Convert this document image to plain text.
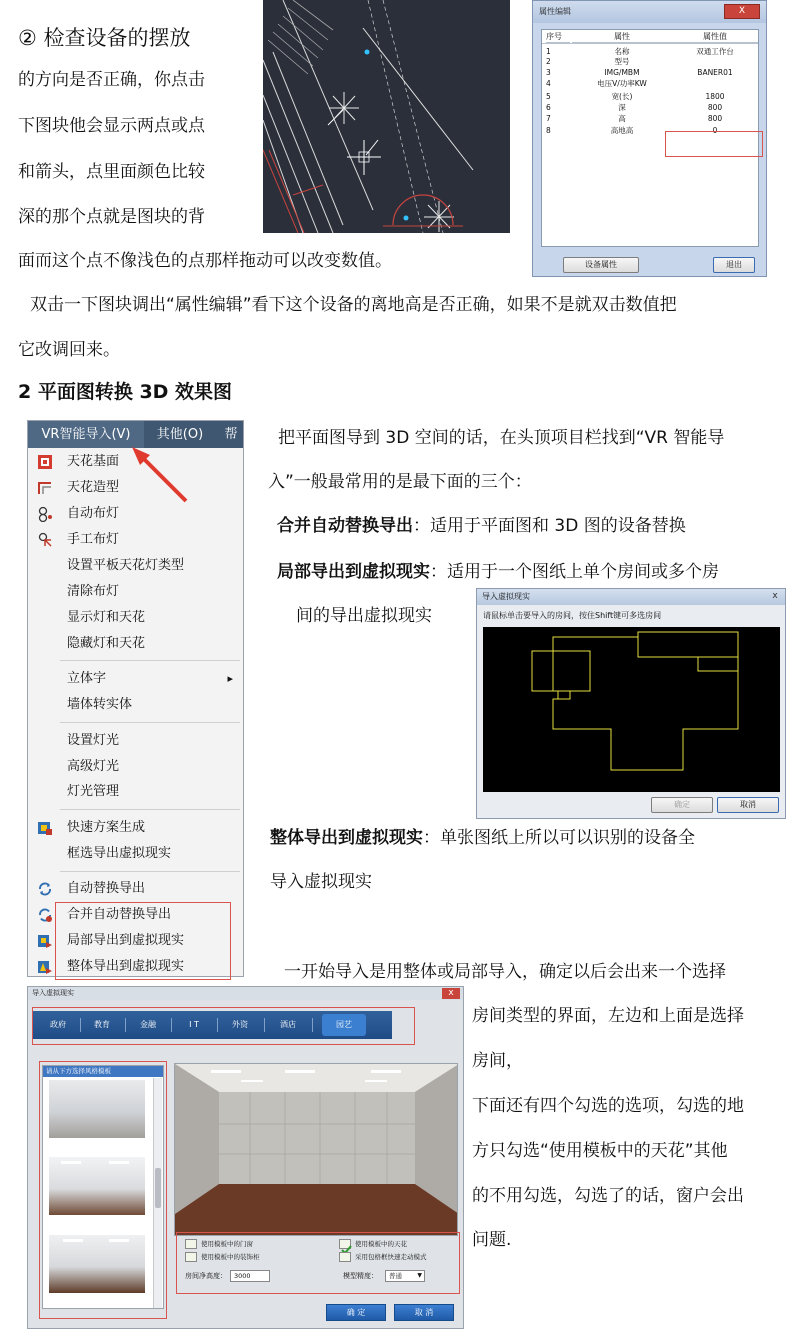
② 检查设备的摆放
的方向是否正确，你点击
下图块他会显示两点或点
和箭头，点里面颜色比较
深的那个点就是图块的背
面而这个点不像浅色的点那样拖动可以改变数值。
双击一下图块调出“属性编辑”看下这个设备的离地高是否正确，如果不是就双击数值把
它改调回来。
属性编辑	X
序号	属性	属性值
1	名称	双通工作台
2	型号
3	IMG/MBM	BANER01
4	电压V/功率KW
5	宽(长)	1800
6	深	800
7	高	800
8	高地高	0
设备属性	退出
2 平面图转换 3D 效果图
把平面图导到 3D 空间的话，在头顶项目栏找到“VR 智能导
入”一般最常用的是最下面的三个：
合并自动替换导出：适用于平面图和 3D 图的设备替换
局部导出到虚拟现实：适用于一个图纸上单个房间或多个房
间的导出虚拟现实
整体导出到虚拟现实：单张图纸上所以可以识别的设备全
导入虚拟现实
一开始导入是用整体或局部导入，确定以后会出来一个选择
房间类型的界面，左边和上面是选择
房间，
下面还有四个勾选的选项，勾选的地
方只勾选“使用模板中的天花”其他
的不用勾选，勾选了的话，窗户会出
问题.
VR智能导入(V)	其他(O)	帮
天花基面
天花造型
自动布灯
手工布灯
设置平板天花灯类型
清除布灯
显示灯和天花
隐藏灯和天花
立体字	▸
墙体转实体
设置灯光
高级灯光
灯光管理
快速方案生成
框选导出虚拟现实
自动替换导出
合并自动替换导出
局部导出到虚拟现实
整体导出到虚拟现实
导入虚拟现实	x
请鼠标单击要导入的房间，按住Shift键可多选房间
确定	取消
导入虚拟现实	x
政府	教育	金融	I T	外资	酒店	园艺
请从下方选择风格模板
使用模板中的门窗	使用模板中的天花
使用模板中的装饰柜	采用包格框快速走动模式
房间净高度：	3000	模型精度：	普通	▼
确 定	取 消
